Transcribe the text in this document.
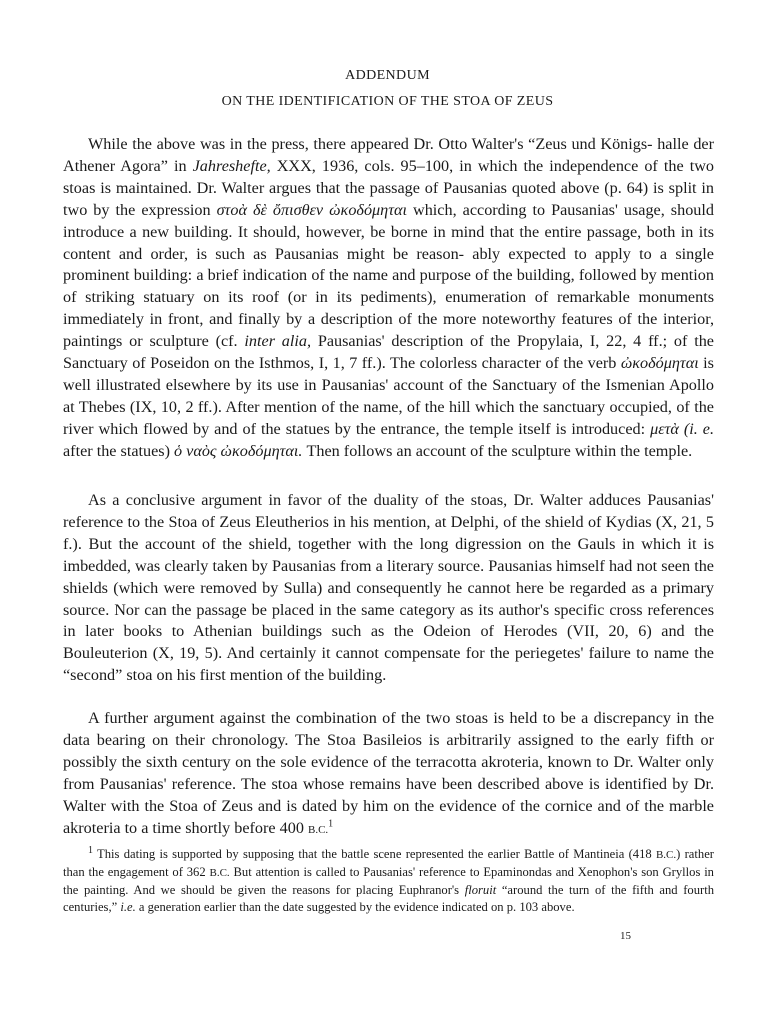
ADDENDUM
ON THE IDENTIFICATION OF THE STOA OF ZEUS

While the above was in the press, there appeared Dr. Otto Walter's “Zeus und Königs- halle der Athener Agora” in Jahreshefte, XXX, 1936, cols. 95–100, in which the independence of the two stoas is maintained. Dr. Walter argues that the passage of Pausanias quoted above (p. 64) is split in two by the expression στοὰ δὲ ὄπισθεν ὠκοδόμηται which, according to Pausanias' usage, should introduce a new building. It should, however, be borne in mind that the entire passage, both in its content and order, is such as Pausanias might be reason- ably expected to apply to a single prominent building: a brief indication of the name and purpose of the building, followed by mention of striking statuary on its roof (or in its pediments), enumeration of remarkable monuments immediately in front, and finally by a description of the more noteworthy features of the interior, paintings or sculpture (cf. inter alia, Pausanias' description of the Propylaia, I, 22, 4 ff.; of the Sanctuary of Poseidon on the Isthmos, I, 1, 7 ff.). The colorless character of the verb ὠκοδόμηται is well illustrated elsewhere by its use in Pausanias' account of the Sanctuary of the Ismenian Apollo at Thebes (IX, 10, 2 ff.). After mention of the name, of the hill which the sanctuary occupied, of the river which flowed by and of the statues by the entrance, the temple itself is introduced: μετὰ (i. e. after the statues) ὁ ναὸς ὠκοδόμηται. Then follows an account of the sculpture within the temple.

As a conclusive argument in favor of the duality of the stoas, Dr. Walter adduces Pausanias' reference to the Stoa of Zeus Eleutherios in his mention, at Delphi, of the shield of Kydias (X, 21, 5 f.). But the account of the shield, together with the long digression on the Gauls in which it is imbedded, was clearly taken by Pausanias from a literary source. Pausanias himself had not seen the shields (which were removed by Sulla) and consequently he cannot here be regarded as a primary source. Nor can the passage be placed in the same category as its author's specific cross references in later books to Athenian buildings such as the Odeion of Herodes (VII, 20, 6) and the Bouleuterion (X, 19, 5). And certainly it cannot compensate for the periegetes' failure to name the “second” stoa on his first mention of the building.

A further argument against the combination of the two stoas is held to be a discrepancy in the data bearing on their chronology. The Stoa Basileios is arbitrarily assigned to the early fifth or possibly the sixth century on the sole evidence of the terracotta akroteria, known to Dr. Walter only from Pausanias' reference. The stoa whose remains have been described above is identified by Dr. Walter with the Stoa of Zeus and is dated by him on the evidence of the cornice and of the marble akroteria to a time shortly before 400 B.C.$^1$

$^1$ This dating is supported by supposing that the battle scene represented the earlier Battle of Mantineia (418 B.C.) rather than the engagement of 362 B.C. But attention is called to Pausanias' reference to Epaminondas and Xenophon's son Gryllos in the painting. And we should be given the reasons for placing Euphranor's floruit “around the turn of the fifth and fourth centuries,” i.e. a generation earlier than the date suggested by the evidence indicated on p. 103 above.

15
